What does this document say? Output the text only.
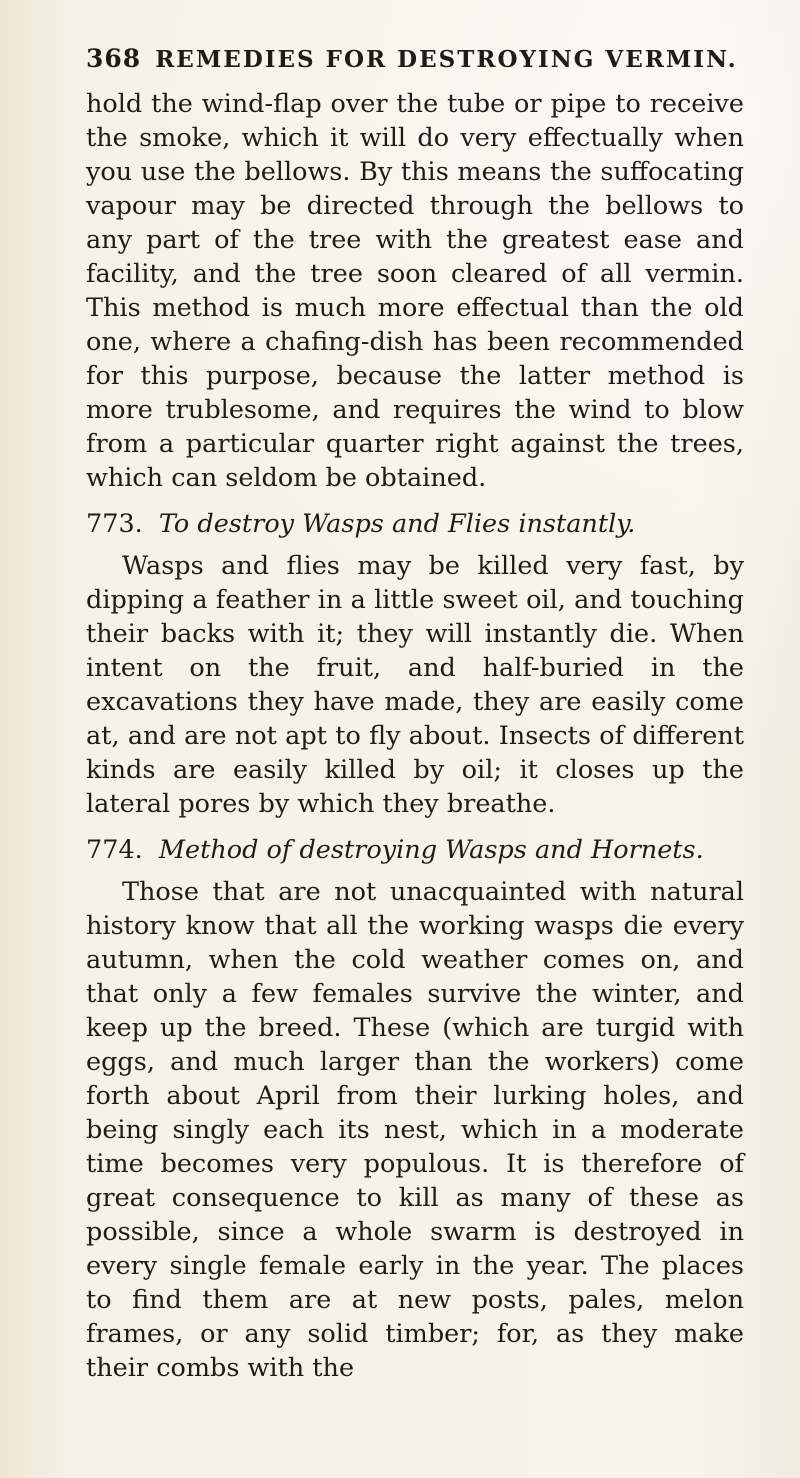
368 REMEDIES FOR DESTROYING VERMIN.

hold the wind-flap over the tube or pipe to receive the smoke, which it will do very effectually when you use the bellows. By this means the suffocating vapour may be directed through the bellows to any part of the tree with the greatest ease and facility, and the tree soon cleared of all vermin. This method is much more effectual than the old one, where a chafing-dish has been recommended for this purpose, because the latter method is more trublesome, and requires the wind to blow from a particular quarter right against the trees, which can seldom be obtained.

773. To destroy Wasps and Flies instantly.

Wasps and flies may be killed very fast, by dipping a feather in a little sweet oil, and touching their backs with it; they will instantly die. When intent on the fruit, and half-buried in the excavations they have made, they are easily come at, and are not apt to fly about. Insects of different kinds are easily killed by oil; it closes up the lateral pores by which they breathe.

774. Method of destroying Wasps and Hornets.

Those that are not unacquainted with natural history know that all the working wasps die every autumn, when the cold weather comes on, and that only a few females survive the winter, and keep up the breed. These (which are turgid with eggs, and much larger than the workers) come forth about April from their lurking holes, and being singly each its nest, which in a moderate time becomes very populous. It is therefore of great consequence to kill as many of these as possible, since a whole swarm is destroyed in every single female early in the year. The places to find them are at new posts, pales, melon frames, or any solid timber; for, as they make their combs with the
